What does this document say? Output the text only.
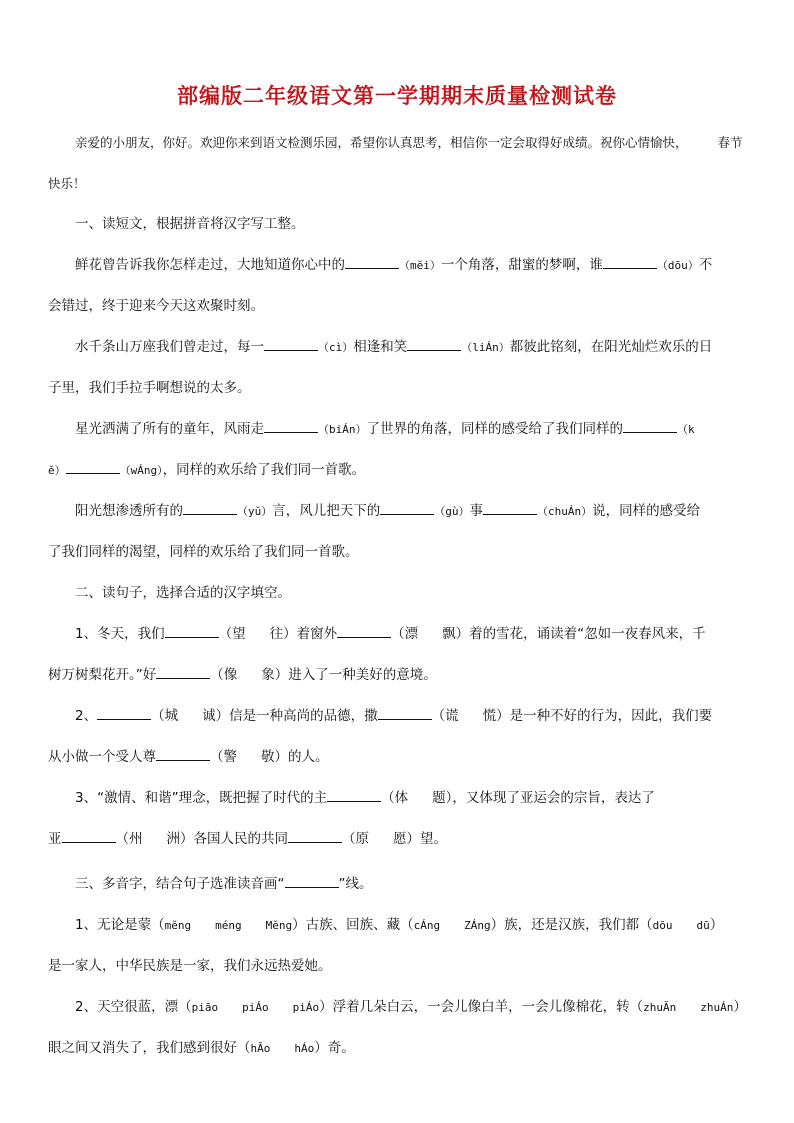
部编版二年级语文第一学期期末质量检测试卷
亲爱的小朋友，你好。欢迎你来到语文检测乐园，希望你认真思考，相信你一定会取得好成绩。祝你心情愉快， 春节
快乐！
一、读短文，根据拼音将汉字写工整。
鲜花曾告诉我你怎样走过，大地知道你心中的	（mĕi）一个角落，甜蜜的梦啊，谁	（dōu）不
会错过，终于迎来今天这欢聚时刻。
水千条山万座我们曾走过，每一	（cì）相逢和笑	（liÁn）都彼此铭刻，在阳光灿烂欢乐的日
子里，我们手拉手啊想说的太多。
星光洒满了所有的童年，风雨走	（biÁn）了世界的角落，同样的感受给了我们同样的	（k
ĕ）	（wÁng），同样的欢乐给了我们同一首歌。
阳光想渗透所有的	（yŭ）言，风儿把天下的	（gù）事	（chuÁn）说，同样的感受给
了我们同样的渴望，同样的欢乐给了我们同一首歌。
二、读句子，选择合适的汉字填空。
1、冬天，我们	（望 往）着窗外	（漂 飘）着的雪花，诵读着“忽如一夜春风来，千
树万树梨花开。”好	（像 象）进入了一种美好的意境。
2、	（城 诚）信是一种高尚的品德，撒	（谎 慌）是一种不好的行为，因此，我们要
从小做一个受人尊	（警 敬）的人。
3、“激情、和谐”理念，既把握了时代的主	（体 题），又体现了亚运会的宗旨，表达了
亚	（州 洲）各国人民的共同	（原 愿）望。
三、多音字，结合句子选准读音画“	”线。
1、无论是蒙（mĕng méng Mĕng）古族、回族、藏（cÁng ZÁng）族，还是汉族，我们都（dōu dū）
是一家人，中华民族是一家，我们永远热爱她。
2、天空很蓝，漂（piāo piÁo piÁo）浮着几朵白云，一会儿像白羊，一会儿像棉花，转（zhuĂn zhuÁn）
眼之间又消失了，我们感到很好（hĂo hÁo）奇。
